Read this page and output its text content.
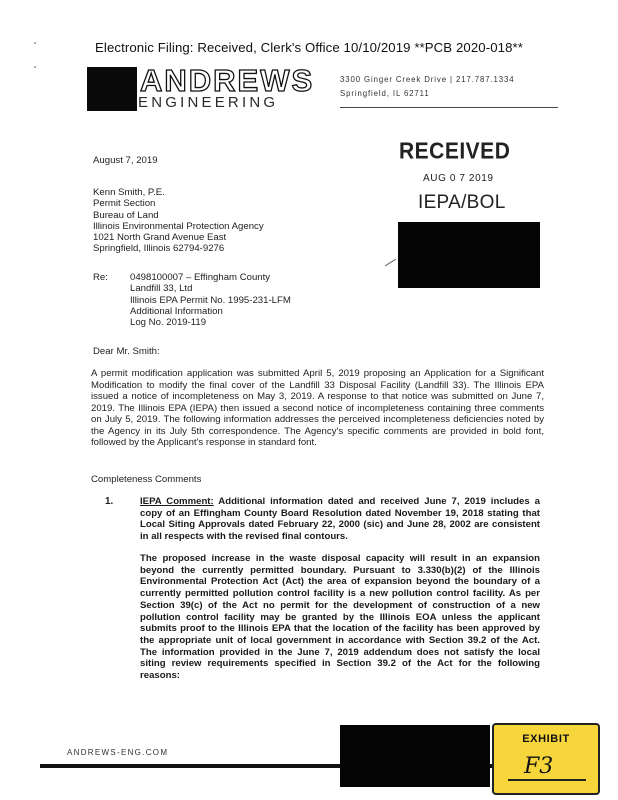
Electronic Filing: Received, Clerk's Office 10/10/2019 **PCB 2020-018**
ANDREWS
ENGINEERING
3300 Ginger Creek Drive | 217.787.1334
Springfield, IL 62711
RECEIVED
AUG 0 7 2019
IEPA/BOL
August 7, 2019
Kenn Smith, P.E.
Permit Section
Bureau of Land
Illinois Environmental Protection Agency
1021 North Grand Avenue East
Springfield, Illinois 62794-9276
Re: 0498100007 – Effingham County
Landfill 33, Ltd
Illinois EPA Permit No. 1995-231-LFM
Additional Information
Log No. 2019-119
Dear Mr. Smith:
A permit modification application was submitted April 5, 2019 proposing an Application for a Significant Modification to modify the final cover of the Landfill 33 Disposal Facility (Landfill 33). The Illinois EPA issued a notice of incompleteness on May 3, 2019. A response to that notice was submitted on June 7, 2019. The Illinois EPA (IEPA) then issued a second notice of incompleteness containing three comments on July 5, 2019. The following information addresses the perceived incompleteness deficiencies noted by the Agency in its July 5th correspondence. The Agency's specific comments are provided in bold font, followed by the Applicant's response in standard font.
Completeness Comments
1.	IEPA Comment: Additional information dated and received June 7, 2019 includes a copy of an Effingham County Board Resolution dated November 19, 2018 stating that Local Siting Approvals dated February 22, 2000 (sic) and June 28, 2002 are consistent in all respects with the revised final contours.
The proposed increase in the waste disposal capacity will result in an expansion beyond the currently permitted boundary. Pursuant to 3.330(b)(2) of the Illinois Environmental Protection Act (Act) the area of expansion beyond the boundary of a currently permitted pollution control facility is a new pollution control facility. As per Section 39(c) of the Act no permit for the development of construction of a new pollution control facility may be granted by the Illinois EOA unless the applicant submits proof to the Illinois EPA that the location of the facility has been approved by the appropriate unit of local government in accordance with Section 39.2 of the Act. The information provided in the June 7, 2019 addendum does not satisfy the local siting review requirements specified in Section 39.2 of the Act for the following reasons:
ANDREWS-ENG.COM
EXHIBIT
F3
